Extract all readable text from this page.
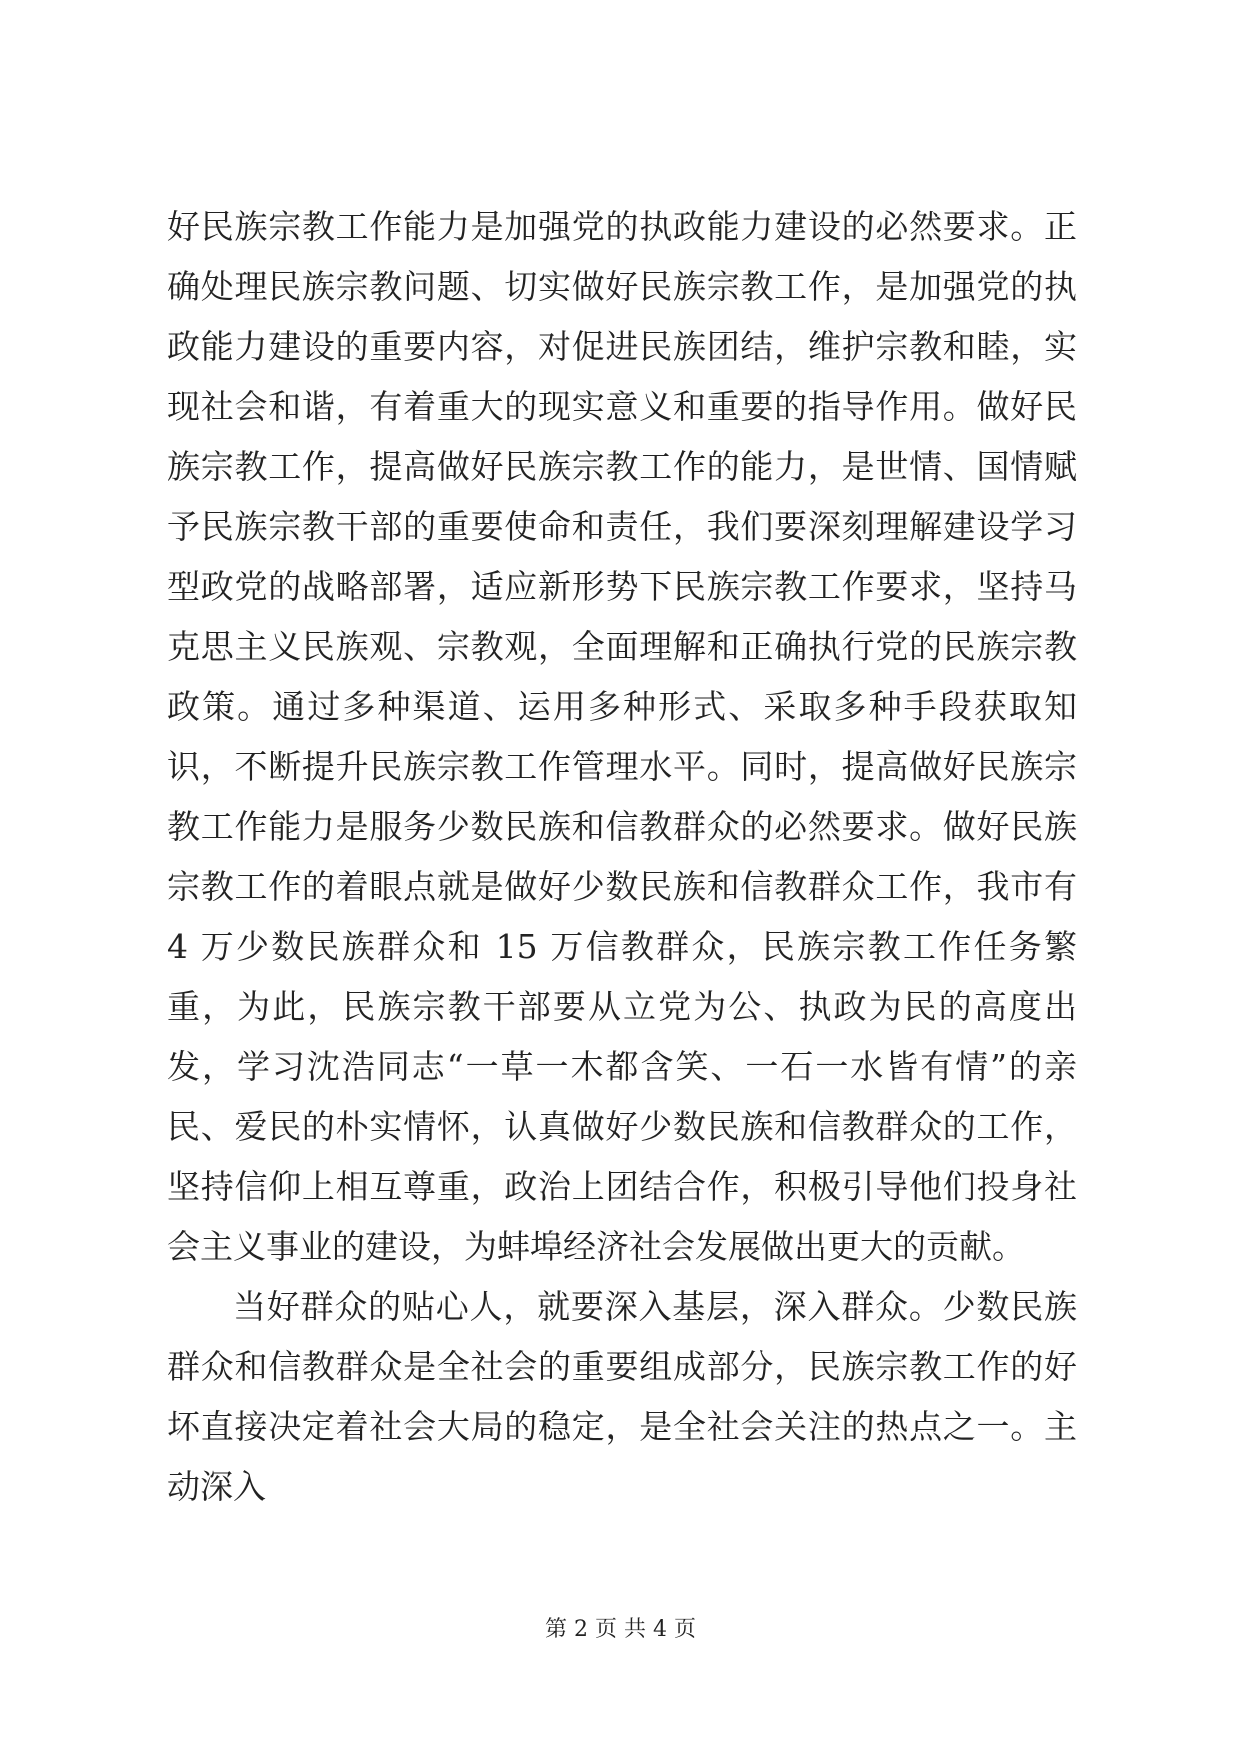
好民族宗教工作能力是加强党的执政能力建设的必然要求。正确处理民族宗教问题、切实做好民族宗教工作，是加强党的执政能力建设的重要内容，对促进民族团结，维护宗教和睦，实现社会和谐，有着重大的现实意义和重要的指导作用。做好民族宗教工作，提高做好民族宗教工作的能力，是世情、国情赋予民族宗教干部的重要使命和责任，我们要深刻理解建设学习型政党的战略部署，适应新形势下民族宗教工作要求，坚持马克思主义民族观、宗教观，全面理解和正确执行党的民族宗教政策。通过多种渠道、运用多种形式、采取多种手段获取知识，不断提升民族宗教工作管理水平。同时，提高做好民族宗教工作能力是服务少数民族和信教群众的必然要求。做好民族宗教工作的着眼点就是做好少数民族和信教群众工作，我市有 4 万少数民族群众和 15 万信教群众，民族宗教工作任务繁重，为此，民族宗教干部要从立党为公、执政为民的高度出发，学习沈浩同志“一草一木都含笑、一石一水皆有情”的亲民、爱民的朴实情怀，认真做好少数民族和信教群众的工作，坚持信仰上相互尊重，政治上团结合作，积极引导他们投身社会主义事业的建设，为蚌埠经济社会发展做出更大的贡献。

当好群众的贴心人，就要深入基层，深入群众。少数民族群众和信教群众是全社会的重要组成部分，民族宗教工作的好坏直接决定着社会大局的稳定，是全社会关注的热点之一。主动深入

第 2 页 共 4 页
